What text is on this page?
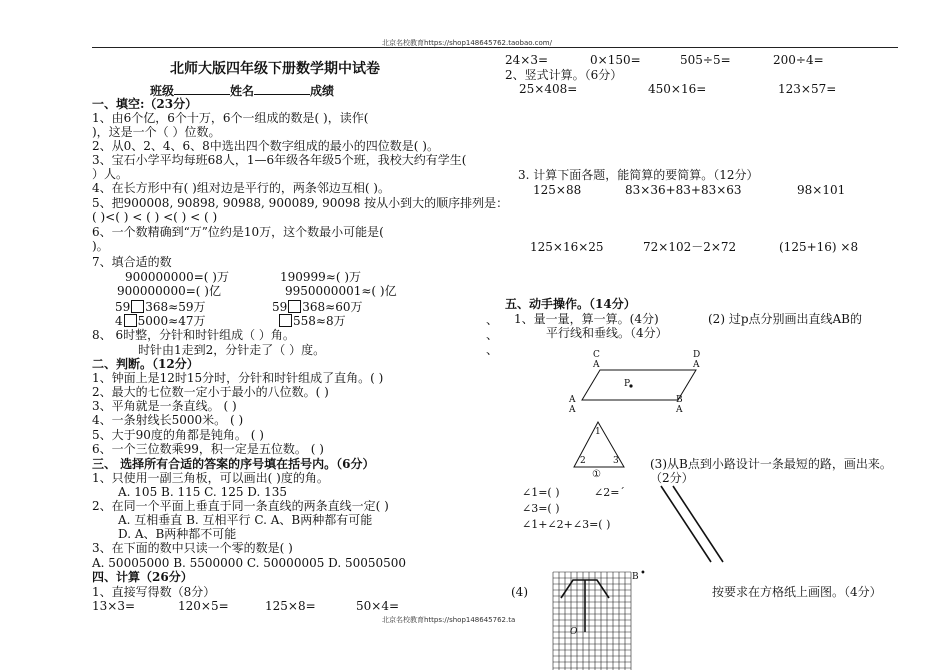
北京名校教育https://shop148645762.taobao.com/
北师大版四年级下册数学期中试卷
班级	姓名	成绩
一、填空:（23分）
1、由6个亿，6个十万，6个一组成的数是( )，读作(
)，这是一个（ ）位数。
2、从0、2、4、6、8中选出四个数字组成的最小的四位数是( )。
3、宝石小学平均每班68人，1—6年级各年级5个班，我校大约有学生(
）人。
4、在长方形中有( )组对边是平行的，两条邻边互相( )。
5、把900008, 90898, 90988, 900089, 90098 按从小到大的顺序排列是：
( )<( ) < ( ) <( ) < ( )
6、一个数精确到“万”位约是10万，这个数最小可能是(
)。
7、填合适的数
900000000=( )万	190999≈( )万
900000000=( )亿	9950000001≈( )亿
59 368≈59万	59 368≈60万
4 5000≈47万	558≈8万
8、 6时整，分针和时针组成（ ）角。
时针由1走到2，分针走了（ ）度。
二、判断。（12分）
1、钟面上是12时15分时，分针和时针组成了直角。( )
2、最大的七位数一定小于最小的八位数。( )
3、平角就是一条直线。 ( )
4、一条射线长5000米。 ( )
5、大于90度的角都是钝角。 ( )
6、一个三位数乘99，积一定是五位数。 ( )
三、 选择所有合适的答案的序号填在括号内。（6分）
1、只使用一副三角板，可以画出( )度的角。
A. 105 B. 115 C. 125 D. 135
2、在同一个平面上垂直于同一条直线的两条直线一定( )
A. 互相垂直 B. 互相平行 C. A、B两种都有可能
D. A、B两种都不可能
3、在下面的数中只读一个零的数是( )
A. 50005000 B. 5500000 C. 50000005 D. 50050500
四、计算（26分）
1、直接写得数（8分）
13×3=	120×5=	125×8=	50×4=
24×3=	0×150=	505÷5=	200÷4=
2、竖式计算。（6分）
25×408=	450×16=	123×57=
3. 计算下面各题，能简算的要简算。（12分）
125×88	83×36+83+83×63	98×101
125×16×25	72×102－2×72	(125+16) ×8
五、动手操作。（14分）
、
、
、
1、量一量，算一算。(4分)	(2) 过p点分别画出直线AB的
平行线和垂线。（4分）
C
A
D
A
P
A
A
B
A
1
2	3
①
∠1=( )	∠2=ˊ
∠3=( )
∠1+∠2+∠3=( )
(3)从B点到小路设计一条最短的路，画出来。
（2分）
(4)	按要求在方格纸上画图。（4分）
B •
O
北京名校教育https://shop148645762.ta
